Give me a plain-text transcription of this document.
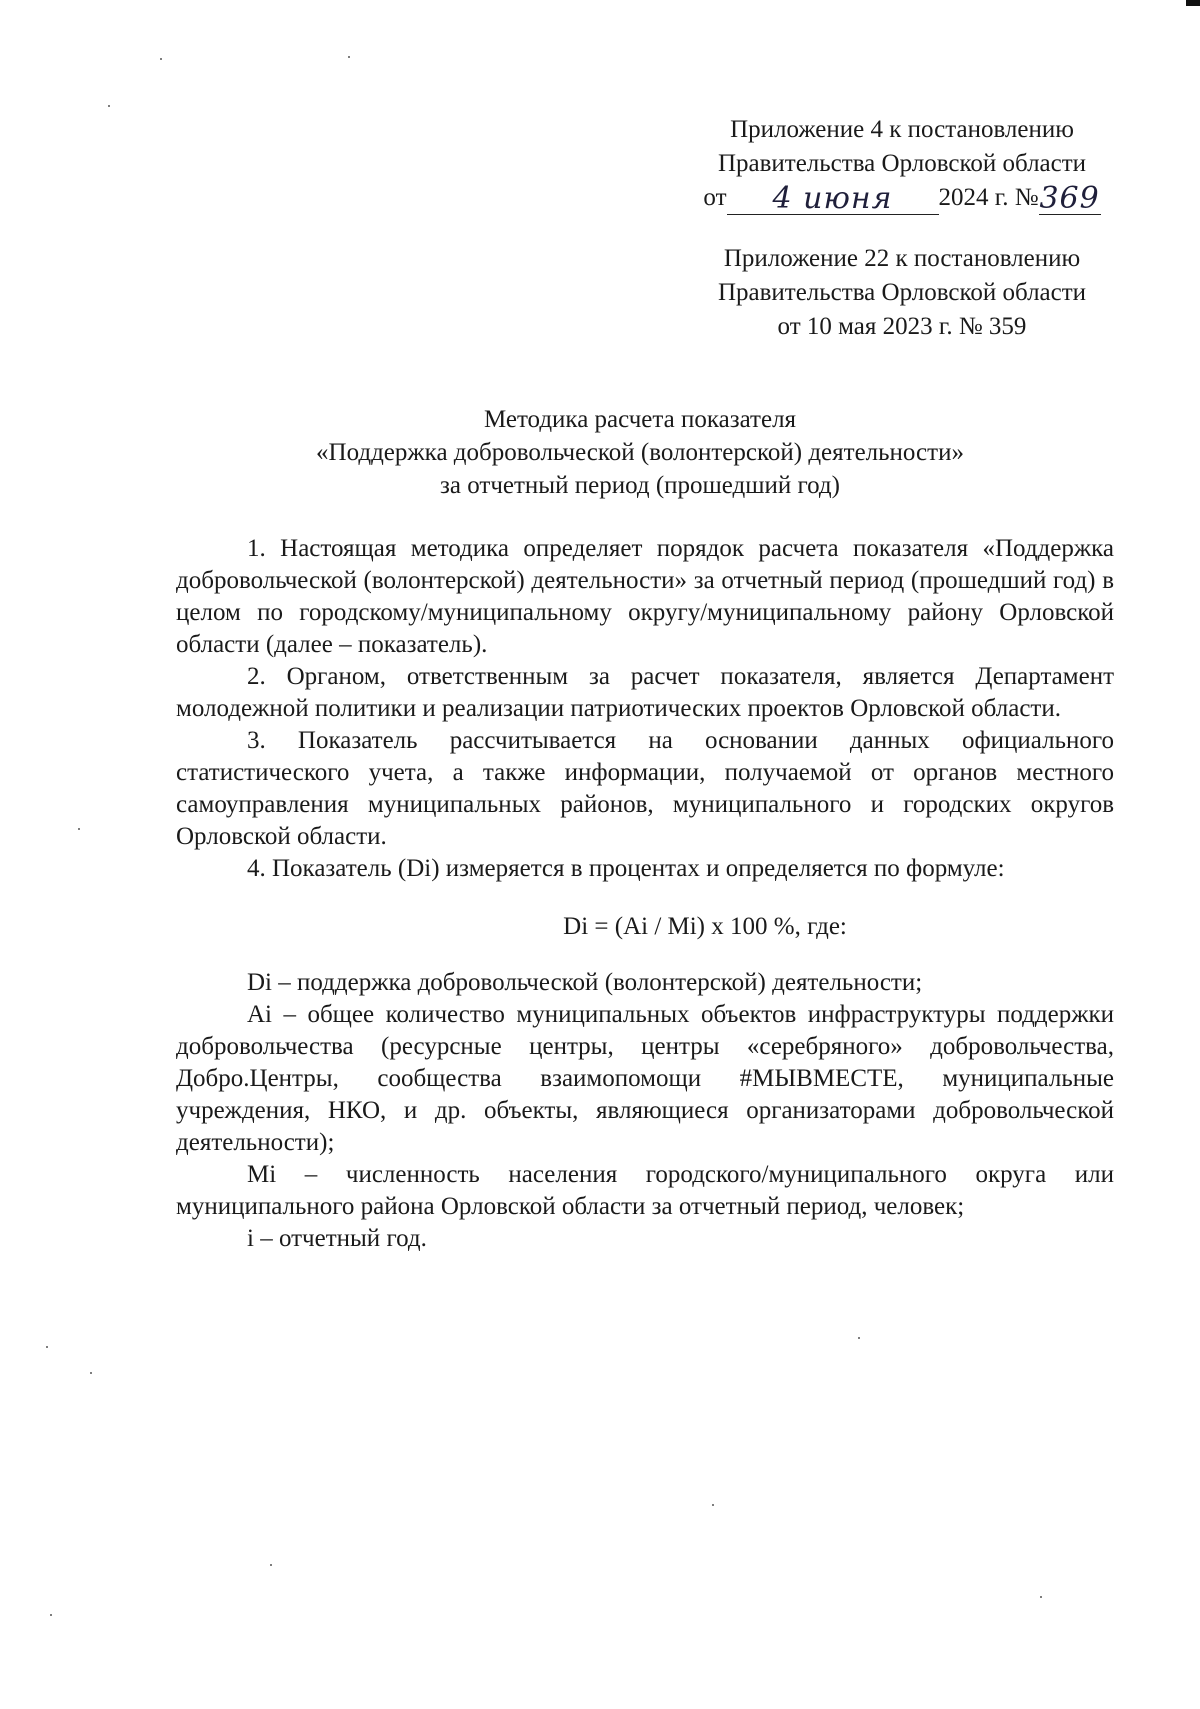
Приложение 4 к постановлению
Правительства Орловской области
от	4 июня	2024 г. № 369
Приложение 22 к постановлению
Правительства Орловской области
от 10 мая 2023 г. № 359
Методика расчета показателя
«Поддержка добровольческой (волонтерской) деятельности»
за отчетный период (прошедший год)

1. Настоящая методика определяет порядок расчета показателя «Поддержка добровольческой (волонтерской) деятельности» за отчетный период (прошедший год) в целом по городскому/муниципальному округу/муниципальному району Орловской области (далее – показатель).

2. Органом, ответственным за расчет показателя, является Департамент молодежной политики и реализации патриотических проектов Орловской области.

3. Показатель рассчитывается на основании данных официального статистического учета, а также информации, получаемой от органов местного самоуправления муниципальных районов, муниципального и городских округов Орловской области.

4. Показатель (Di) измеряется в процентах и определяется по формуле:

Di = (Ai / Mi) х 100 %, где:

Di – поддержка добровольческой (волонтерской) деятельности;

Ai – общее количество муниципальных объектов инфраструктуры поддержки добровольчества (ресурсные центры, центры «серебряного» добровольчества, Добро.Центры, сообщества взаимопомощи #МЫВМЕСТЕ, муниципальные учреждения, НКО, и др. объекты, являющиеся организаторами добровольческой деятельности);

Mi – численность населения городского/муниципального округа или муниципального района Орловской области за отчетный период, человек;

i – отчетный год.
